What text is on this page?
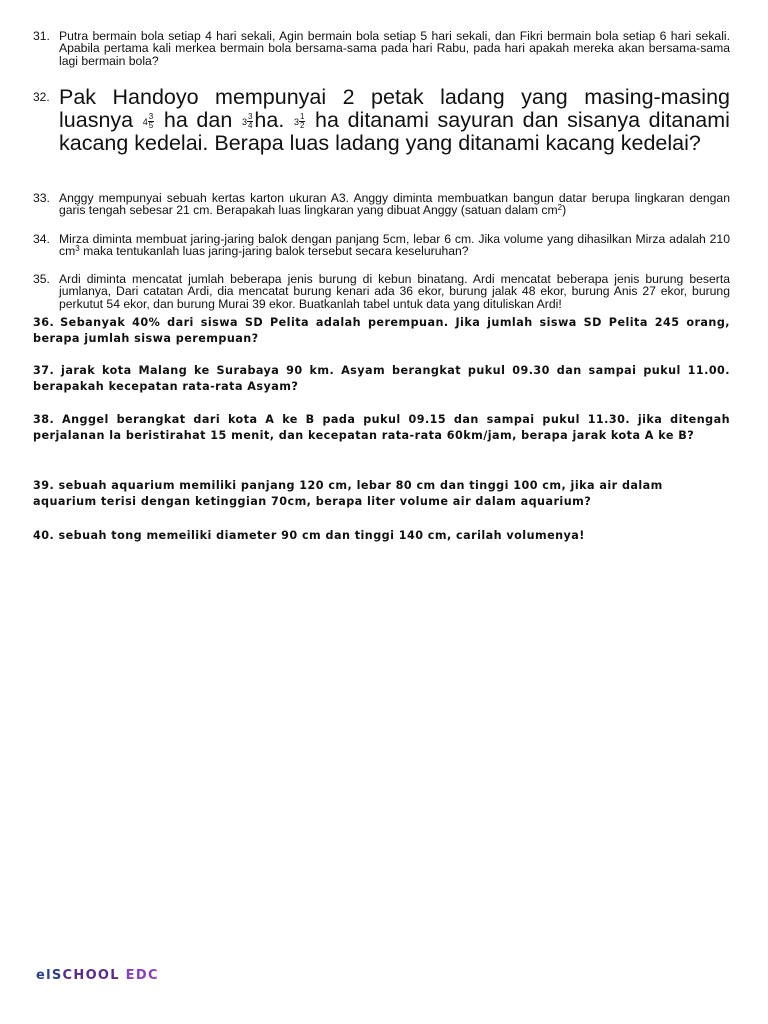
31. Putra bermain bola setiap 4 hari sekali, Agin bermain bola setiap 5 hari sekali, dan Fikri bermain bola setiap 6 hari sekali. Apabila pertama kali merkea bermain bola bersama-sama pada hari Rabu, pada hari apakah mereka akan bersama-sama lagi bermain bola?
32. Pak Handoyo mempunyai 2 petak ladang yang masing-masing luasnya $4 \frac{3}{5}$ ha dan $3 \frac{3}{4}$ ha. $3 \frac{1}{2}$ ha ditanami sayuran dan sisanya ditanami kacang kedelai. Berapa luas ladang yang ditanami kacang kedelai?
33. Anggy mempunyai sebuah kertas karton ukuran A3. Anggy diminta membuatkan bangun datar berupa lingkaran dengan garis tengah sebesar 21 cm. Berapakah luas lingkaran yang dibuat Anggy (satuan dalam $cm^2$)
34. Mirza diminta membuat jaring-jaring balok dengan panjang 5cm, lebar 6 cm. Jika volume yang dihasilkan Mirza adalah 210 $cm^3$ maka tentukanlah luas jaring-jaring balok tersebut secara keseluruhan?
35. Ardi diminta mencatat jumlah beberapa jenis burung di kebun binatang. Ardi mencatat beberapa jenis burung beserta jumlanya, Dari catatan Ardi, dia mencatat burung kenari ada 36 ekor, burung jalak 48 ekor, burung Anis 27 ekor, burung perkutut 54 ekor, dan burung Murai 39 ekor. Buatkanlah tabel untuk data yang dituliskan Ardi!
36. Sebanyak 40% dari siswa SD Pelita adalah perempuan. Jika jumlah siswa SD Pelita 245 orang, berapa jumlah siswa perempuan?
37. jarak kota Malang ke Surabaya 90 km. Asyam berangkat pukul 09.30 dan sampai pukul 11.00. berapakah kecepatan rata-rata Asyam?
38. Anggel berangkat dari kota A ke B pada pukul 09.15 dan sampai pukul 11.30. jika ditengah perjalanan la beristirahat 15 menit, dan kecepatan rata-rata 60km/jam, berapa jarak kota A ke B?
39. sebuah aquarium memiliki panjang 120 cm, lebar 80 cm dan tinggi 100 cm, jika air dalam aquarium terisi dengan ketinggian 70cm, berapa liter volume air dalam aquarium?
40. sebuah tong memeiliki diameter 90 cm dan tinggi 140 cm, carilah volumenya!
elSCHOOL EDC
